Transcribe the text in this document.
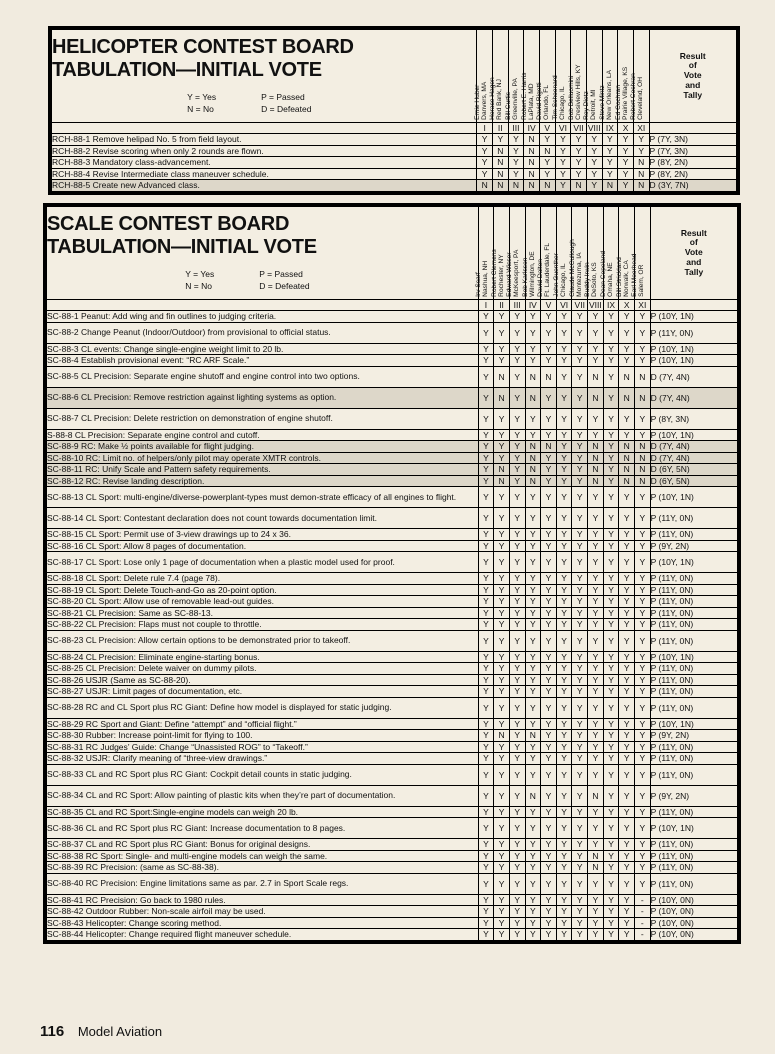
HELICOPTER CONTEST BOARD
TABULATION—INITIAL VOTE
Y = Yes	P = Passed
N = No	D = Defeated	Ernie Huber Danvers, MA	Horace Hagen Red Bank, NJ	Bill Curtis Greenville, PA	Robert E. Harris LaPlata, MD	David Rigotti Orlando, FL	Tim Schoonard Chicago, IL	Bob Belluomini Cresiview Hills, KY	Roy Dietz Detroit, MI	Steve Mintz New Orleans, LA	Ed Cochran Prairie Village, KS	Robert Cochran Cleveland, OH

Result
of
Vote
and
Tally

	I	II	III	IV	V	VI	VII	VIII	IX	X	XI	
RCH-88-1 Remove helipad No. 5 from field layout.	Y	Y	Y	N	Y	Y	Y	Y	Y	Y	Y	P (7Y, 3N)
RCH-88-2 Revise scoring when only 2 rounds are flown.	Y	N	Y	N	N	Y	Y	Y	Y	Y	Y	P (7Y, 3N)
RCH-88-3 Mandatory class-advancement.	Y	N	Y	N	Y	Y	Y	Y	Y	Y	N	P (8Y, 2N)
RCH-88-4 Revise Intermediate class maneuver schedule.	Y	N	Y	N	Y	Y	Y	Y	Y	Y	N	P (8Y, 2N)
RCH-88-5 Create new Advanced class.	N	N	N	N	N	Y	N	Y	N	Y	N	D (3Y, 7N)
SCALE CONTEST BOARD
TABULATION—INITIAL VOTE
Y = Yes	P = Passed
N = No	D = Defeated	Irv Scarf Nashua, NH	Robert Clemens Rochester, NY	Edward Wisser McKeesport, PA	Bob Karlsson Wilmington, DE	David Dalton Ft. Lauderdale, FL	John Guenther Chicago, IL	Claude McCullough Montezuma, IA	Buddy Irwin DeSoto, KS	Dean Copeland Omaha, NE	Bill Strickland Norwalk, CA	Earl Moorhead Salem, OR

Result
of
Vote
and
Tally

	I	II	III	IV	V	VI	VII	VIII	IX	X	XI	
SC-88-1 Peanut: Add wing and fin outlines to judging criteria.	Y	Y	Y	Y	Y	Y	Y	Y	Y	Y	Y	P (10Y, 1N)
SC-88-2 Change Peanut (Indoor/Outdoor) from provisional to official status.	Y	Y	Y	Y	Y	Y	Y	Y	Y	Y	Y	P (11Y, 0N)
SC-88-3 CL events: Change single-engine weight limit to 20 lb.	Y	Y	Y	Y	Y	Y	Y	Y	Y	Y	Y	P (10Y, 1N)
SC-88-4 Establish provisional event: “RC ARF Scale.”	Y	Y	Y	Y	Y	Y	Y	Y	Y	Y	Y	P (10Y, 1N)
SC-88-5 CL Precision: Separate engine shutoff and engine control into two options.	Y	N	Y	N	N	Y	Y	N	Y	N	N	D (7Y, 4N)
SC-88-6 CL Precision: Remove restriction against lighting systems as option.	Y	N	Y	N	Y	Y	Y	N	Y	N	N	D (7Y, 4N)
SC-88-7 CL Precision: Delete restriction on demonstration of engine shutoff.	Y	Y	Y	Y	Y	Y	Y	Y	Y	Y	Y	P (8Y, 3N)
S-88-8 CL Precision: Separate engine control and cutoff.	Y	Y	Y	Y	Y	Y	Y	Y	Y	Y	Y	P (10Y, 1N)
SC-88-9 RC: Make ½ points available for flight judging.	Y	Y	Y	N	N	Y	Y	N	Y	N	N	D (7Y, 4N)
SC-88-10 RC: Limit no. of helpers/only pilot may operate XMTR controls.	Y	Y	Y	N	Y	Y	Y	N	Y	N	N	D (7Y, 4N)
SC-88-11 RC: Unify Scale and Pattern safety requirements.	Y	N	Y	N	Y	Y	Y	N	Y	N	N	D (6Y, 5N)
SC-88-12 RC: Revise landing description.	Y	N	Y	N	Y	Y	Y	N	Y	N	N	D (6Y, 5N)
SC-88-13 CL Sport: multi-engine/diverse-powerplant-types must demon-strate efficacy of all engines to flight.	Y	Y	Y	Y	Y	Y	Y	Y	Y	Y	Y	P (10Y, 1N)
SC-88-14 CL Sport: Contestant declaration does not count towards documentation limit.	Y	Y	Y	Y	Y	Y	Y	Y	Y	Y	Y	P (11Y, 0N)
SC-88-15 CL Sport: Permit use of 3-view drawings up to 24 x 36.	Y	Y	Y	Y	Y	Y	Y	Y	Y	Y	Y	P (11Y, 0N)
SC-88-16 CL Sport: Allow 8 pages of documentation.	Y	Y	Y	Y	Y	Y	Y	Y	Y	Y	Y	P (9Y, 2N)
SC-88-17 CL Sport: Lose only 1 page of documentation when a plastic model used for proof.	Y	Y	Y	Y	Y	Y	Y	Y	Y	Y	Y	P (10Y, 1N)
SC-88-18 CL Sport: Delete rule 7.4 (page 78).	Y	Y	Y	Y	Y	Y	Y	Y	Y	Y	Y	P (11Y, 0N)
SC-88-19 CL Sport: Delete Touch-and-Go as 20-point option.	Y	Y	Y	Y	Y	Y	Y	Y	Y	Y	Y	P (11Y, 0N)
SC-88-20 CL Sport: Allow use of removable lead-out guides.	Y	Y	Y	Y	Y	Y	Y	Y	Y	Y	Y	P (11Y, 0N)
SC-88-21 CL Precision: Same as SC-88-13.	Y	Y	Y	Y	Y	Y	Y	Y	Y	Y	Y	P (11Y, 0N)
SC-88-22 CL Precision: Flaps must not couple to throttle.	Y	Y	Y	Y	Y	Y	Y	Y	Y	Y	Y	P (11Y, 0N)
SC-88-23 CL Precision: Allow certain options to be demonstrated prior to takeoff.	Y	Y	Y	Y	Y	Y	Y	Y	Y	Y	Y	P (11Y, 0N)
SC-88-24 CL Precision: Eliminate engine-starting bonus.	Y	Y	Y	Y	Y	Y	Y	Y	Y	Y	Y	P (10Y, 1N)
SC-88-25 CL Precision: Delete waiver on dummy pilots.	Y	Y	Y	Y	Y	Y	Y	Y	Y	Y	Y	P (11Y, 0N)
SC-88-26 USJR (Same as SC-88-20).	Y	Y	Y	Y	Y	Y	Y	Y	Y	Y	Y	P (11Y, 0N)
SC-88-27 USJR: Limit pages of documentation, etc.	Y	Y	Y	Y	Y	Y	Y	Y	Y	Y	Y	P (11Y, 0N)
SC-88-28 RC and CL Sport plus RC Giant: Define how model is displayed for static judging.	Y	Y	Y	Y	Y	Y	Y	Y	Y	Y	Y	P (11Y, 0N)
SC-88-29 RC Sport and Giant: Define “attempt” and “official flight.”	Y	Y	Y	Y	Y	Y	Y	Y	Y	Y	Y	P (10Y, 1N)
SC-88-30 Rubber: Increase point-limit for flying to 100.	Y	N	Y	N	Y	Y	Y	Y	Y	Y	Y	P (9Y, 2N)
SC-88-31 RC Judges’ Guide: Change “Unassisted ROG” to “Takeoff.”	Y	Y	Y	Y	Y	Y	Y	Y	Y	Y	Y	P (11Y, 0N)
SC-88-32 USJR: Clarify meaning of “three-view drawings.”	Y	Y	Y	Y	Y	Y	Y	Y	Y	Y	Y	P (11Y, 0N)
SC-88-33 CL and RC Sport plus RC Giant: Cockpit detail counts in static judging.	Y	Y	Y	Y	Y	Y	Y	Y	Y	Y	Y	P (11Y, 0N)
SC-88-34 CL and RC Sport: Allow painting of plastic kits when they’re part of documentation.	Y	Y	Y	N	Y	Y	Y	N	Y	Y	Y	P (9Y, 2N)
SC-88-35 CL and RC Sport:Single-engine models can weigh 20 lb.	Y	Y	Y	Y	Y	Y	Y	Y	Y	Y	Y	P (11Y, 0N)
SC-88-36 CL and RC Sport plus RC Giant: Increase documentation to 8 pages.	Y	Y	Y	Y	Y	Y	Y	Y	Y	Y	Y	P (10Y, 1N)
SC-88-37 CL and RC Sport plus RC Giant: Bonus for original designs.	Y	Y	Y	Y	Y	Y	Y	Y	Y	Y	Y	P (11Y, 0N)
SC-88-38 RC Sport: Single- and multi-engine models can weigh the same.	Y	Y	Y	Y	Y	Y	Y	N	Y	Y	Y	P (11Y, 0N)
SC-88-39 RC Precision: (same as SC-88-38).	Y	Y	Y	Y	Y	Y	Y	N	Y	Y	Y	P (11Y, 0N)
SC-88-40 RC Precision: Engine limitations same as par. 2.7 in Sport Scale regs.	Y	Y	Y	Y	Y	Y	Y	Y	Y	Y	Y	P (11Y, 0N)
SC-88-41 RC Precision: Go back to 1980 rules.	Y	Y	Y	Y	Y	Y	Y	Y	Y	Y	-	P (10Y, 0N)
SC-88-42 Outdoor Rubber: Non-scale airfoil may be used.	Y	Y	Y	Y	Y	Y	Y	Y	Y	Y	-	P (10Y, 0N)
SC-88-43 Helicopter: Change scoring method.	Y	Y	Y	Y	Y	Y	Y	Y	Y	Y	-	P (10Y, 0N)
SC-88-44 Helicopter: Change required flight maneuver schedule.	Y	Y	Y	Y	Y	Y	Y	Y	Y	Y	-	P (10Y, 0N)
116 Model Aviation
